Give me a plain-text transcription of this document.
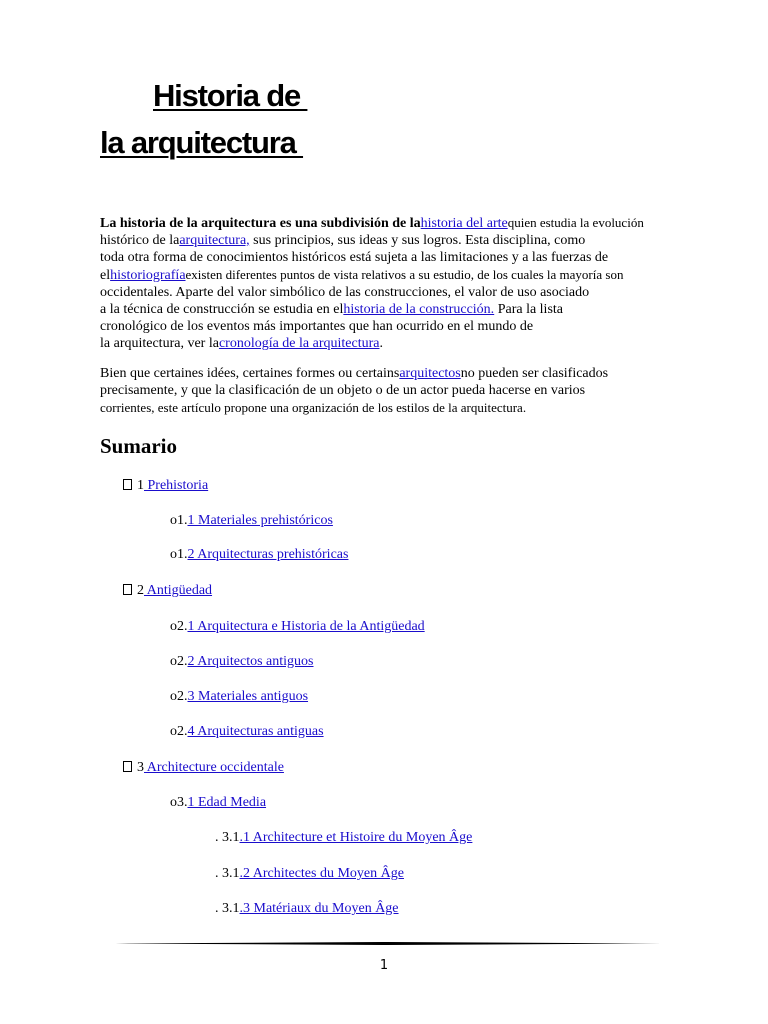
Historia de
la arquitectura
La historia de la arquitectura es una subdivisión de lahistoria del artequien estudia la evolución
histórico de laarquitectura, sus principios, sus ideas y sus logros. Esta disciplina, como
toda otra forma de conocimientos históricos está sujeta a las limitaciones y a las fuerzas de
elhistoriografíaexisten diferentes puntos de vista relativos a su estudio, de los cuales la mayoría son
occidentales. Aparte del valor simbólico de las construcciones, el valor de uso asociado
a la técnica de construcción se estudia en elhistoria de la construcción. Para la lista
cronológico de los eventos más importantes que han ocurrido en el mundo de
la arquitectura, ver lacronología de la arquitectura.
Bien que certaines idées, certaines formes ou certainsarquitectosno pueden ser clasificados
precisamente, y que la clasificación de un objeto o de un actor pueda hacerse en varios
corrientes, este artículo propone una organización de los estilos de la arquitectura.
Sumario
1 Prehistoria
o1.1 Materiales prehistóricos
o1.2 Arquitecturas prehistóricas
2 Antigüedad
o2.1 Arquitectura e Historia de la Antigüedad
o2.2 Arquitectos antiguos
o2.3 Materiales antiguos
o2.4 Arquitecturas antiguas
3 Architecture occidentale
o3.1 Edad Media
. 3.1.1 Architecture et Histoire du Moyen Âge
. 3.1.2 Architectes du Moyen Âge
. 3.1.3 Matériaux du Moyen Âge
1
